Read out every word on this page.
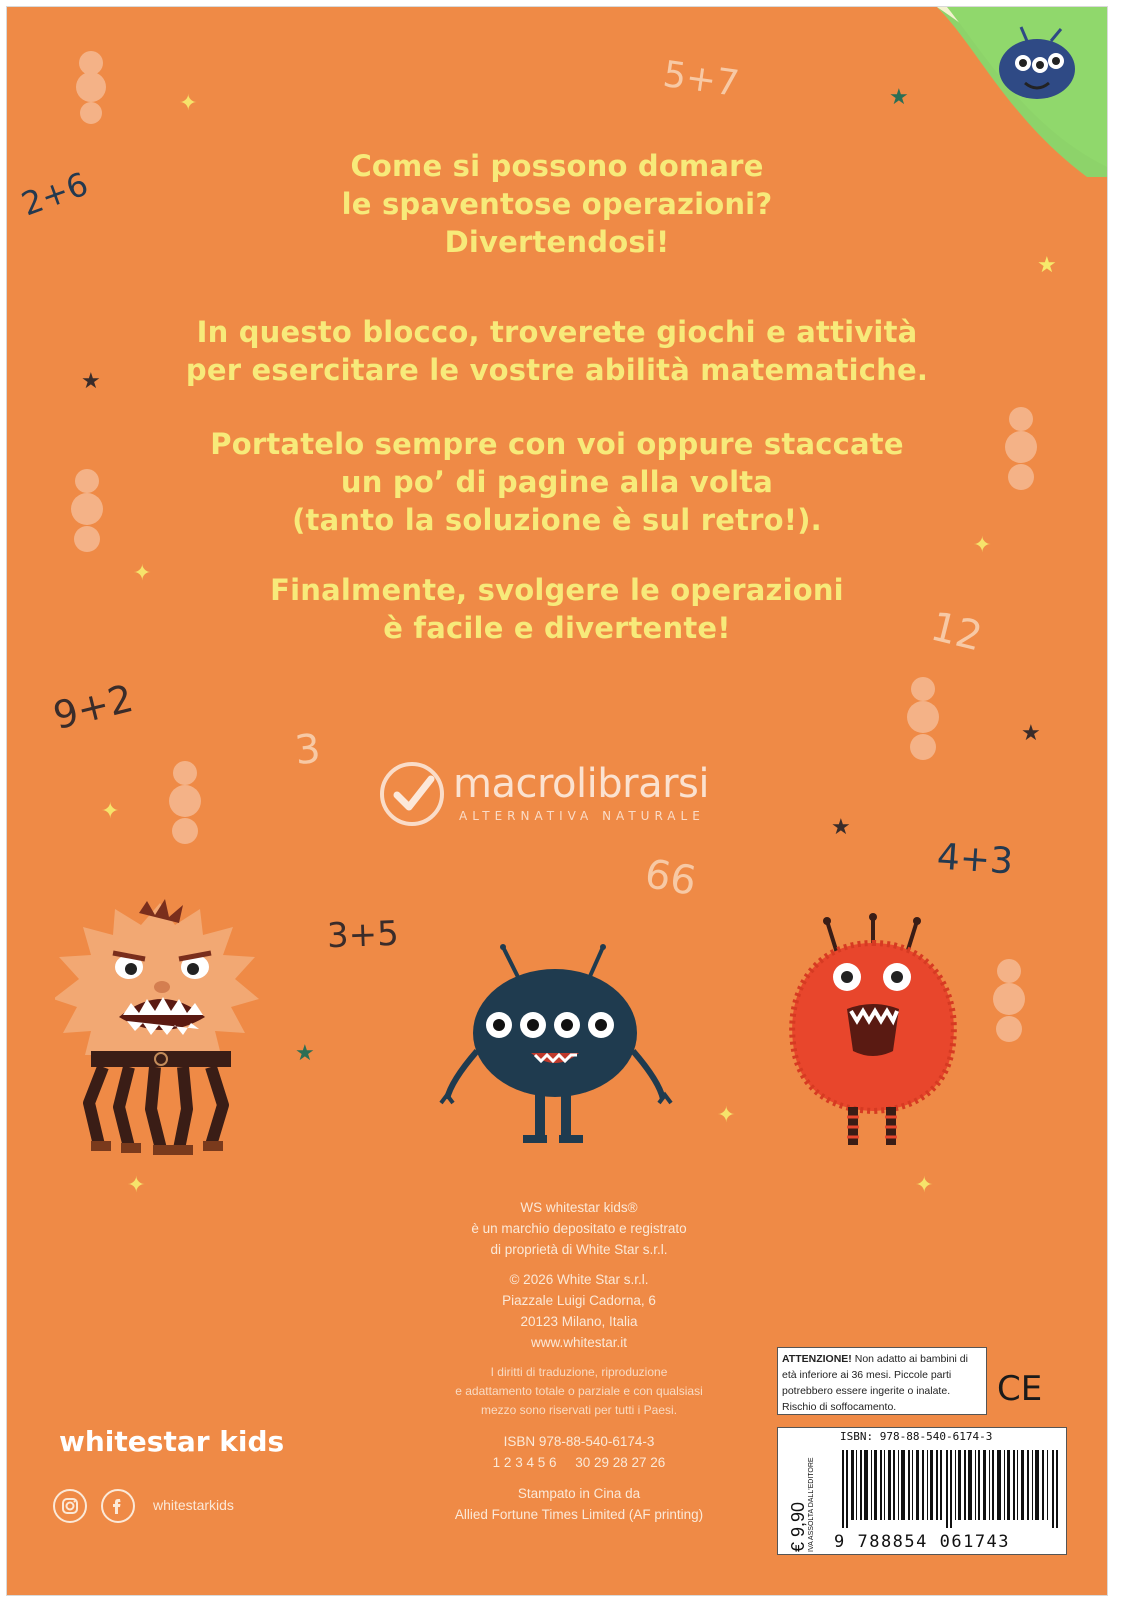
Come si possono domare
le spaventose operazioni?
Divertendosi!
In questo blocco, troverete giochi e attività
per esercitare le vostre abilità matematiche.
Portatelo sempre con voi oppure staccate
un po’ di pagine alla volta
(tanto la soluzione è sul retro!).
Finalmente, svolgere le operazioni
è facile e divertente!
5+7
2+6
12
9+2
3
66	4+3
3+5
★
★
★
★
★
✦
★
✦
✦
✦
✦
✦	✦
macrolibrarsi
ALTERNATIVA NATURALE
WS whitestar kids®
è un marchio depositato e registrato
di proprietà di White Star s.r.l.
© 2026 White Star s.r.l.
Piazzale Luigi Cadorna, 6
20123 Milano, Italia
www.whitestar.it
I diritti di traduzione, riproduzione
e adattamento totale o parziale e con qualsiasi
mezzo sono riservati per tutti i Paesi.
ISBN 978-88-540-6174-3
1 2 3 4 5 6     30 29 28 27 26
Stampato in Cina da
Allied Fortune Times Limited (AF printing)
whitestar kids
whitestarkids
ATTENZIONE! Non adatto ai bambini di età inferiore ai 36 mesi. Piccole parti potrebbero essere ingerite o inalate. Rischio di soffocamento.	CE
€ 9,90 IVA ASSOLTA DALL'EDITORE
ISBN: 978-88-540-6174-3
9 788854 061743
